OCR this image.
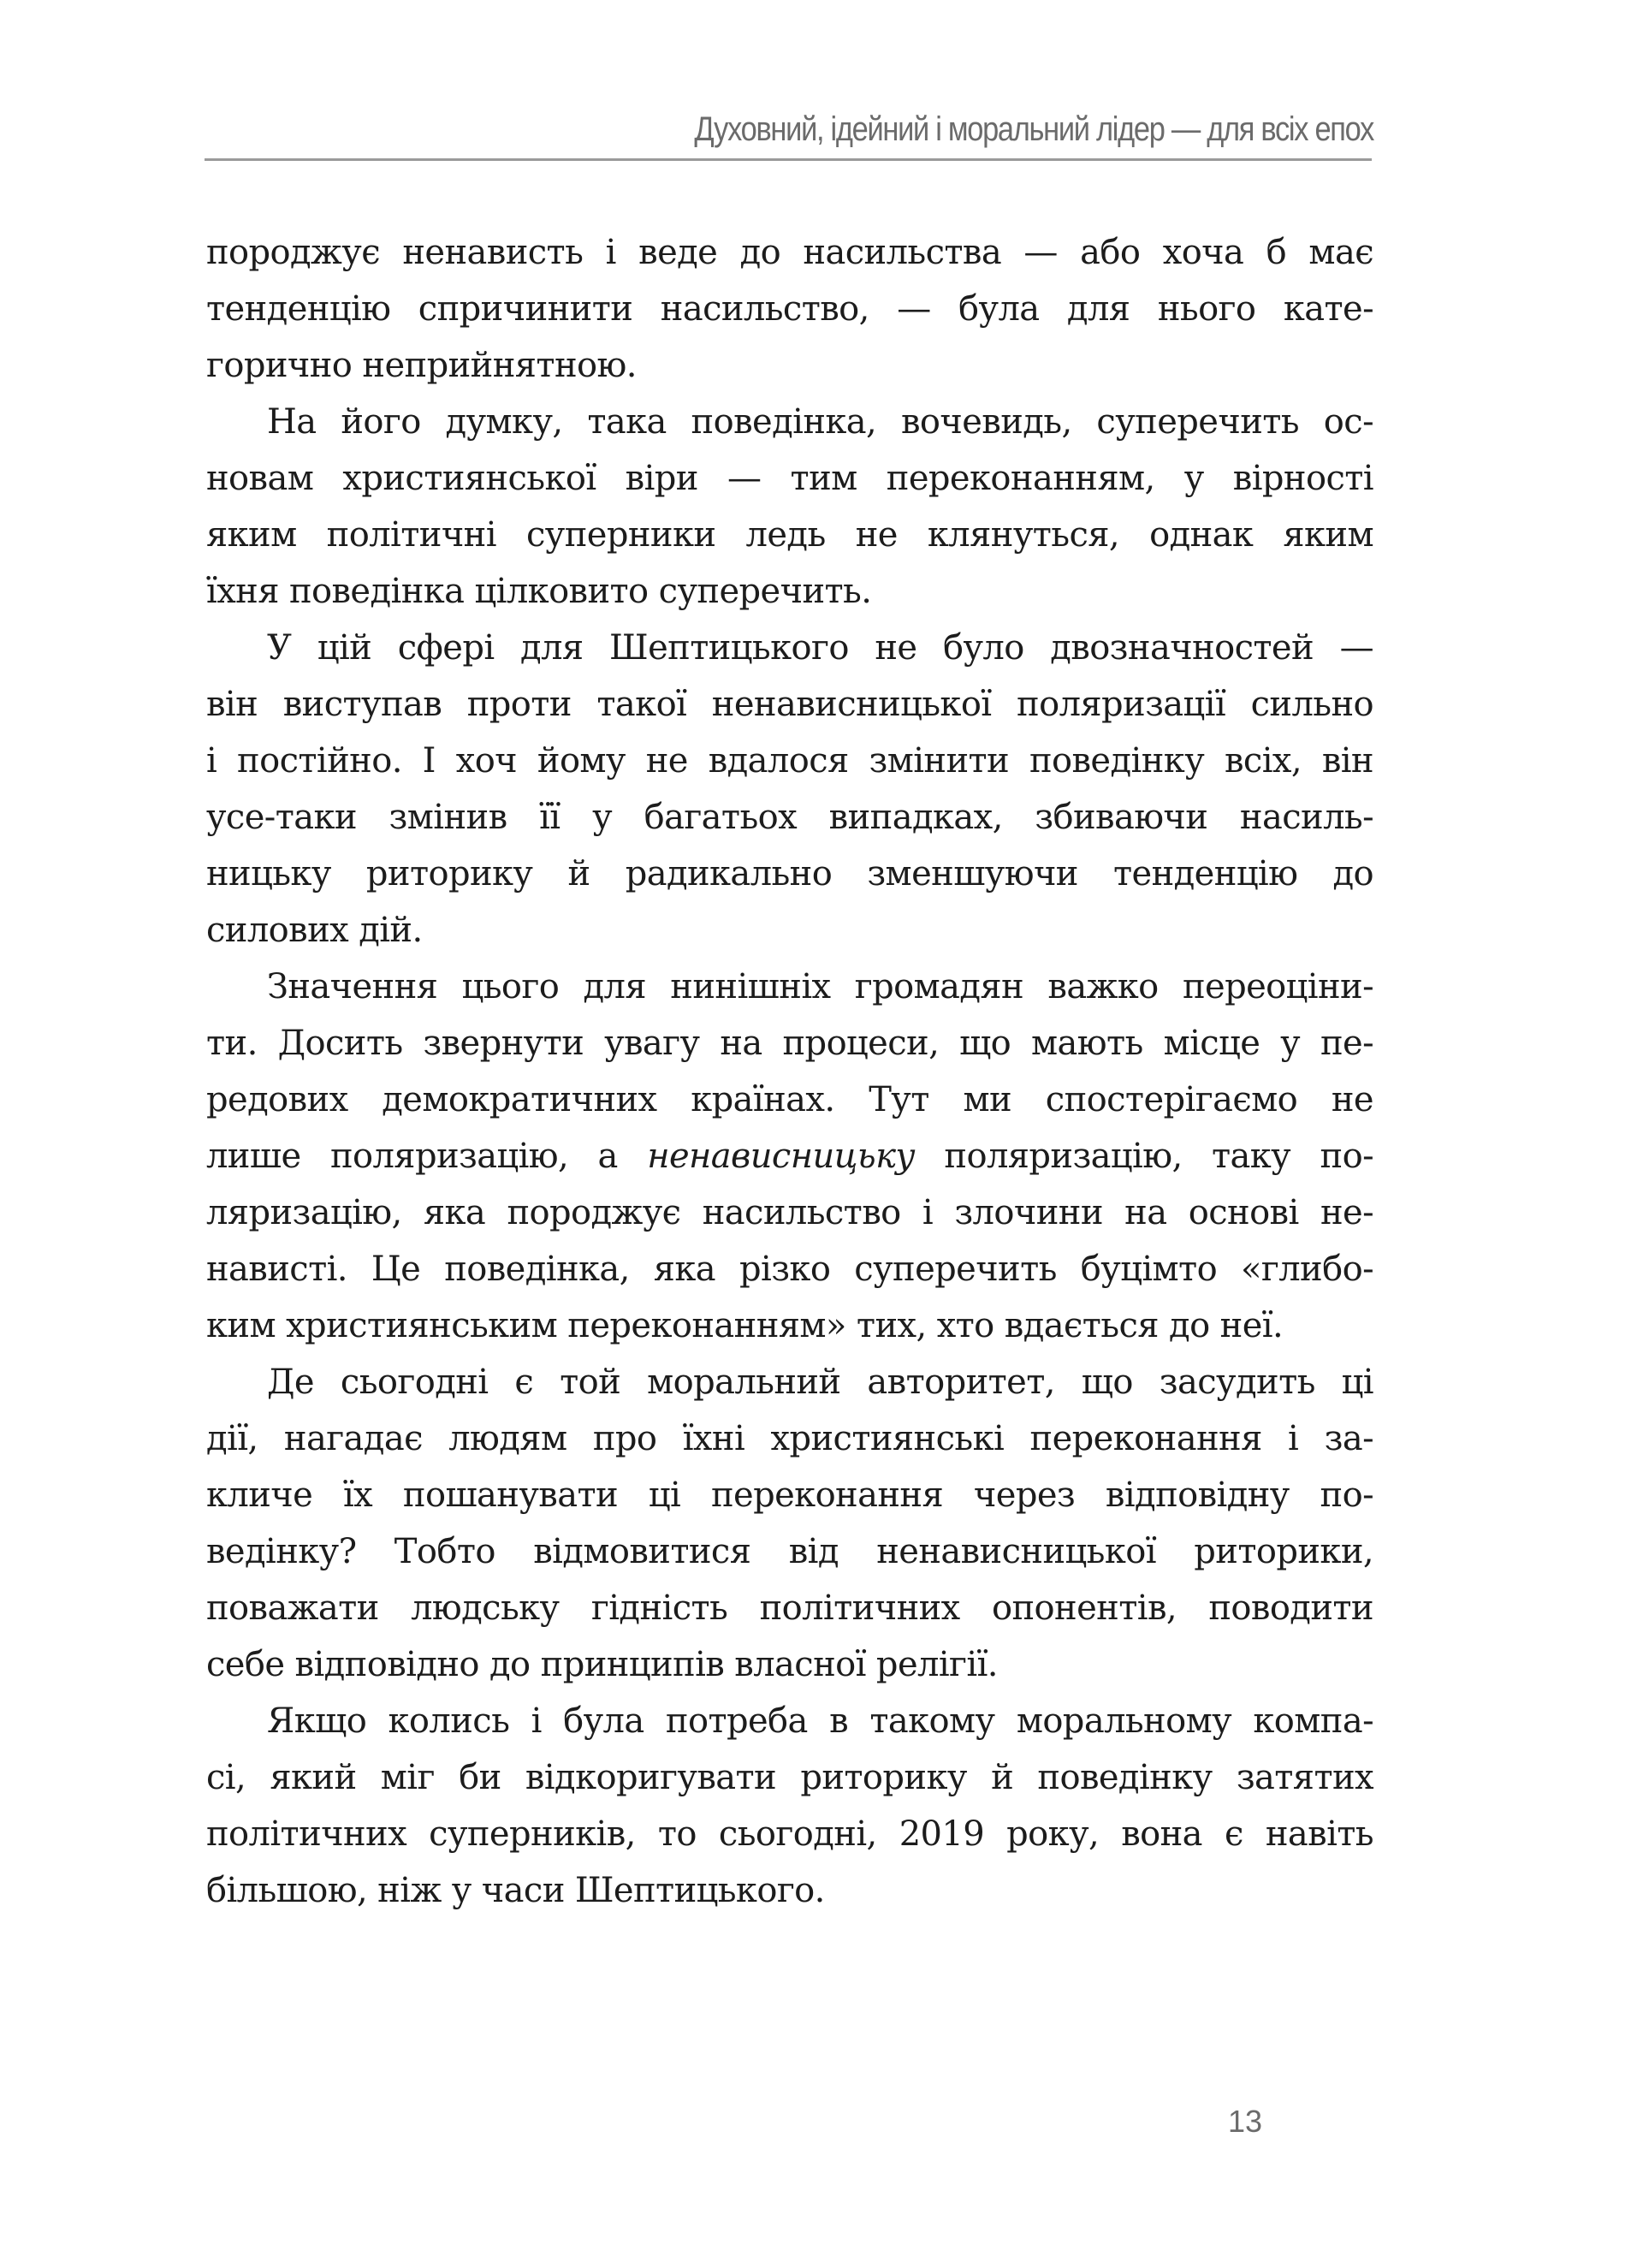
Духовний, ідейний і моральний лідер — для всіх епох
породжує ненависть і веде до насильства — або хоча б має
тенденцію спричинити насильство, — була для нього кате-
горично неприйнятною.
На його думку, така поведінка, вочевидь, суперечить ос-
новам християнської віри — тим переконанням, у вірності
яким політичні суперники ледь не клянуться, однак яким
їхня поведінка цілковито суперечить.
У цій сфері для Шептицького не було двозначностей —
він виступав проти такої ненависницької поляризації сильно
і постійно. І хоч йому не вдалося змінити поведінку всіх, він
усе-таки змінив її у багатьох випадках, збиваючи насиль-
ницьку риторику й радикально зменшуючи тенденцію до
силових дій.
Значення цього для нинішніх громадян важко переоціни-
ти. Досить звернути увагу на процеси, що мають місце у пе-
редових демократичних країнах. Тут ми спостерігаємо не
лише поляризацію, а ненависницьку поляризацію, таку по-
ляризацію, яка породжує насильство і злочини на основі не-
нависті. Це поведінка, яка різко суперечить буцімто «глибо-
ким християнським переконанням» тих, хто вдається до неї.
Де сьогодні є той моральний авторитет, що засудить ці
дії, нагадає людям про їхні християнські переконання і за-
кличе їх пошанувати ці переконання через відповідну по-
ведінку? Тобто відмовитися від ненависницької риторики,
поважати людську гідність політичних опонентів, поводити
себе відповідно до принципів власної релігії.
Якщо колись і була потреба в такому моральному компа-
сі, який міг би відкоригувати риторику й поведінку затятих
політичних суперників, то сьогодні, 2019 року, вона є навіть
більшою, ніж у часи Шептицького.
13
